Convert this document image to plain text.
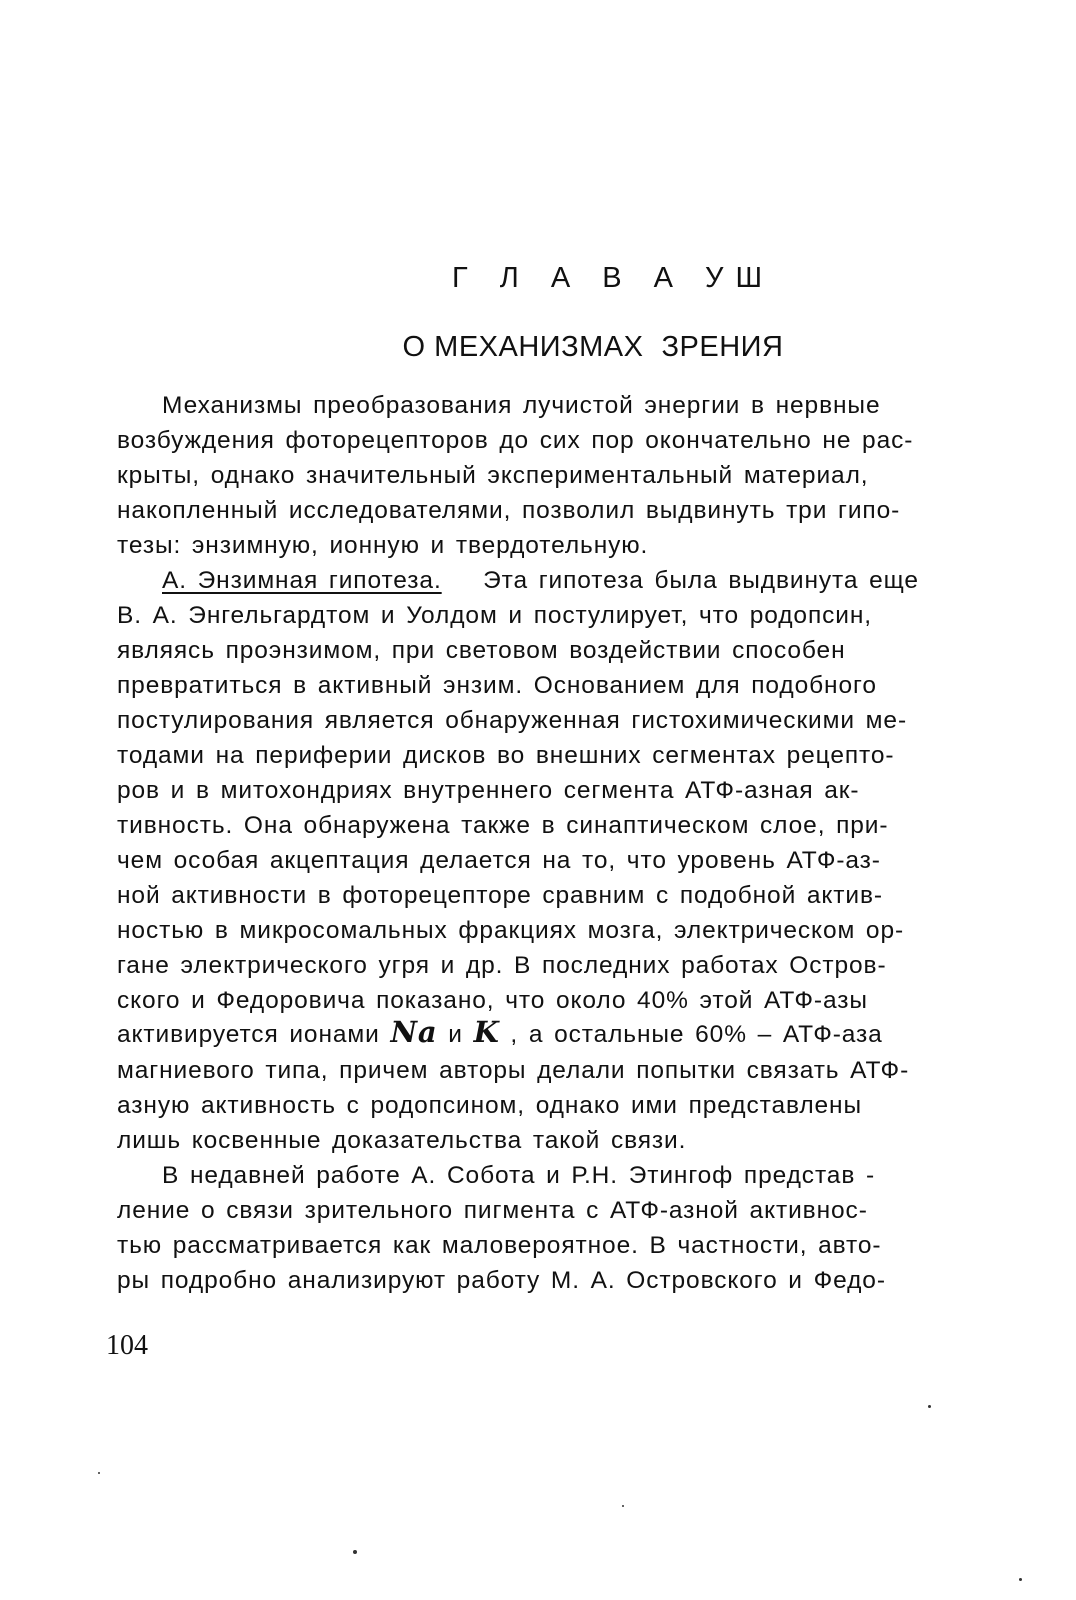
Г Л А В А УШ
О МЕХАНИЗМАХ ЗРЕНИЯ
Механизмы преобразования лучистой энергии в нервные
возбуждения фоторецепторов до сих пор окончательно не рас-
крыты, однако значительный экспериментальный материал,
накопленный исследователями, позволил выдвинуть три гипо-
тезы: энзимную, ионную и твердотельную.
А. Энзимная гипотеза. Эта гипотеза была выдвинута еще
В. А. Энгельгардтом и Уолдом и постулирует, что родопсин,
являясь проэнзимом, при световом воздействии способен
превратиться в активный энзим. Основанием для подобного
постулирования является обнаруженная гистохимическими ме-
тодами на периферии дисков во внешних сегментах рецепто-
ров и в митохондриях внутреннего сегмента АТФ-азная ак-
тивность. Она обнаружена также в синаптическом слое, при-
чем особая акцептация делается на то, что уровень АТФ-аз-
ной активности в фоторецепторе сравним с подобной актив-
ностью в микросомальных фракциях мозга, электрическом ор-
гане электрического угря и др. В последних работах Остров-
ского и Федоровича показано, что около 40% этой АТФ-азы
активируется ионами Na и K , а остальные 60% – АТФ-аза
магниевого типа, причем авторы делали попытки связать АТФ-
азную активность с родопсином, однако ими представлены
лишь косвенные доказательства такой связи.
В недавней работе А. Собота и Р.Н. Этингоф представ -
ление о связи зрительного пигмента с АТФ-азной активнос-
тью рассматривается как маловероятное. В частности, авто-
ры подробно анализируют работу М. А. Островского и Федо-
104
